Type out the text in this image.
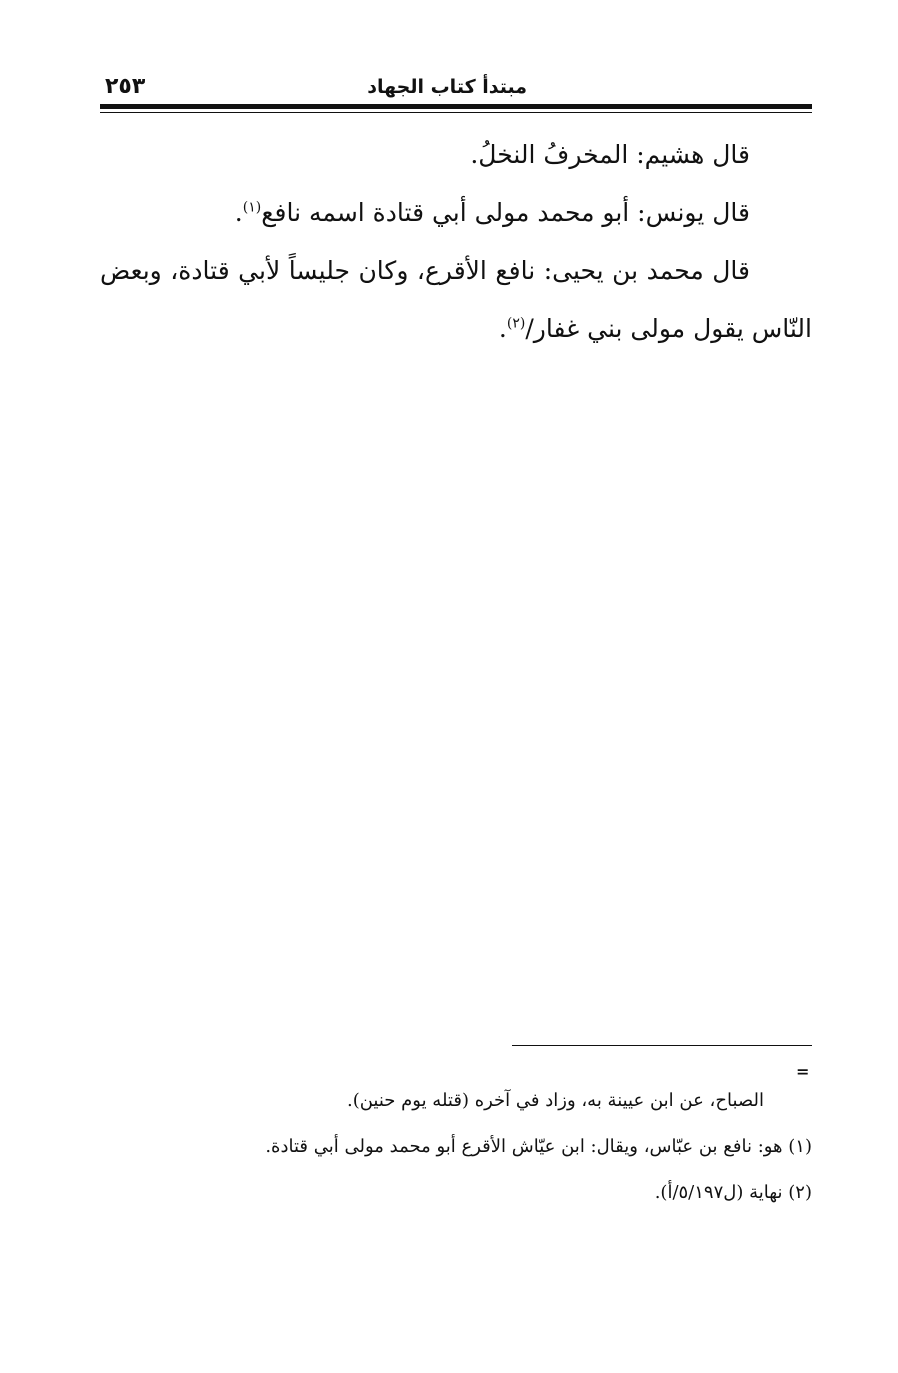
مبتدأ كتاب الجهاد
٢٥٣

قال هشيم: المخرفُ النخلُ.

قال يونس: أبو محمد مولى أبي قتادة اسمه نافع$^{(١)}$.

قال محمد بن يحيى: نافع الأقرع، وكان جليساً لأبي قتادة، وبعض النّاس يقول مولى بني غفار/$^{(٢)}$.

=

الصباح، عن ابن عيينة به، وزاد في آخره (قتله يوم حنين).

(١) هو: نافع بن عبّاس، ويقال: ابن عيّاش الأقرع أبو محمد مولى أبي قتادة.

(٢) نهاية (ل٥/١٩٧/أ).
